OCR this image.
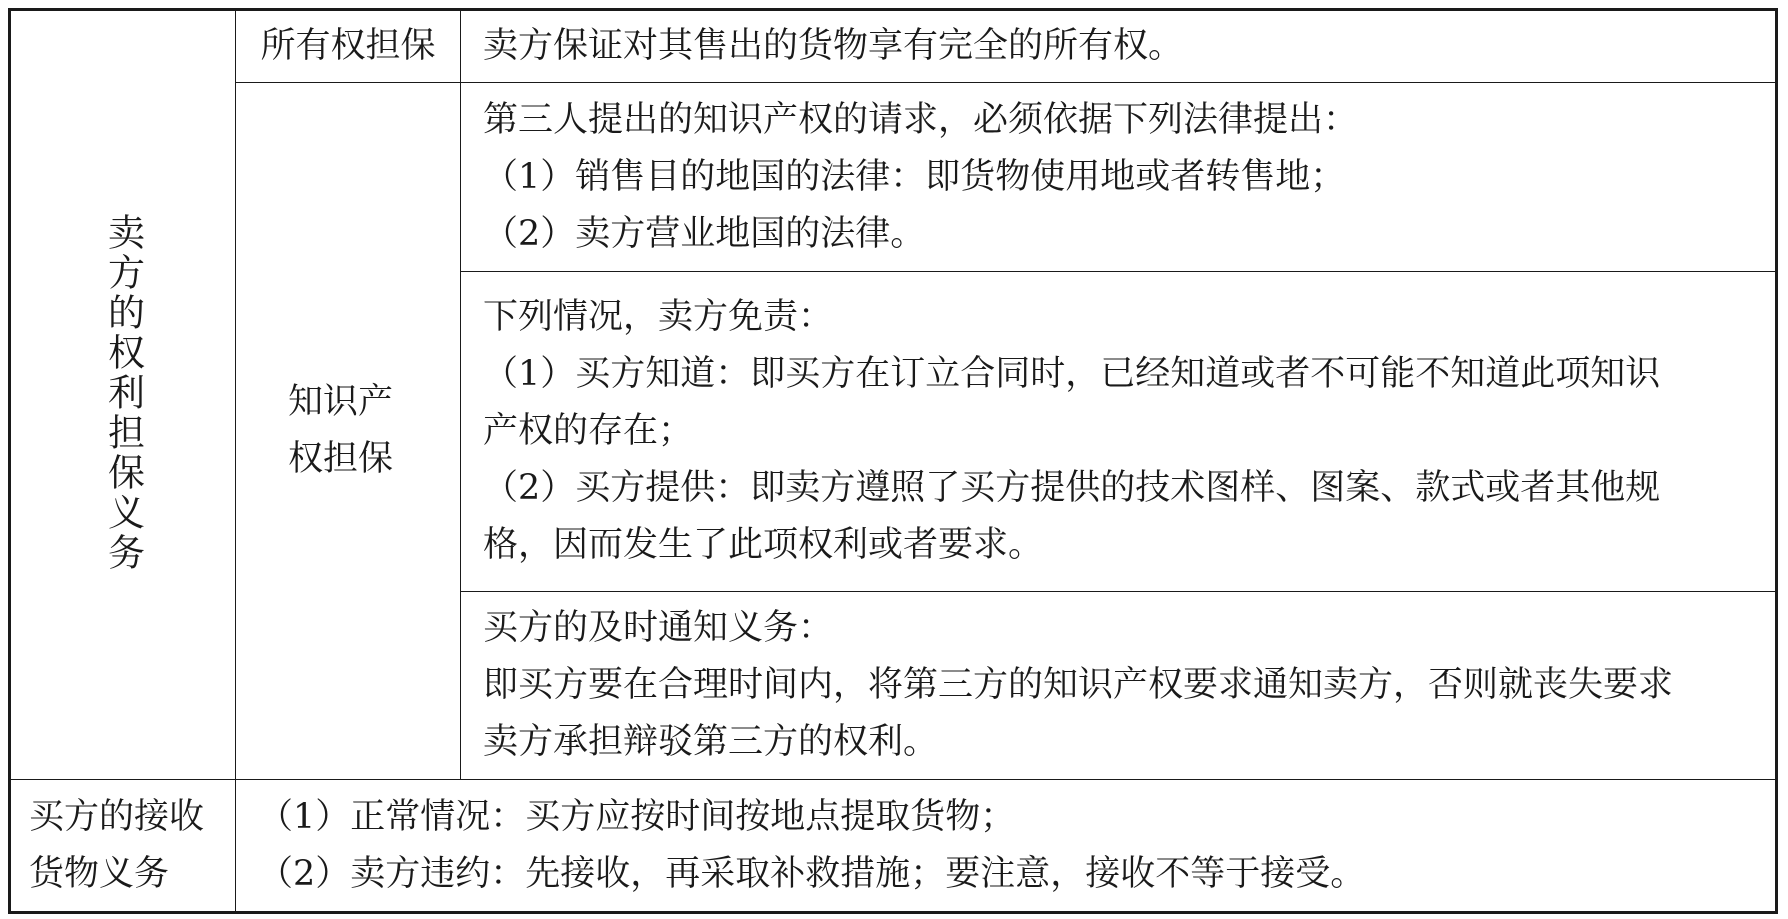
卖方的权利担保义务	所有权担保	卖方保证对其售出的货物享有完全的所有权。

	知识产权担保	第三人提出的知识产权的请求，必须依据下列法律提出：
（1）销售目的地国的法律：即货物使用地或者转售地；
（2）卖方营业地国的法律。

		下列情况，卖方免责：
（1）买方知道：即买方在订立合同时，已经知道或者不可能不知道此项知识
产权的存在；
（2）买方提供：即卖方遵照了买方提供的技术图样、图案、款式或者其他规
格，因而发生了此项权利或者要求。

		买方的及时通知义务：
即买方要在合理时间内，将第三方的知识产权要求通知卖方，否则就丧失要求
卖方承担辩驳第三方的权利。

买方的接收货物义务	（1）正常情况：买方应按时间按地点提取货物；
（2）卖方违约：先接收，再采取补救措施；要注意，接收不等于接受。	
